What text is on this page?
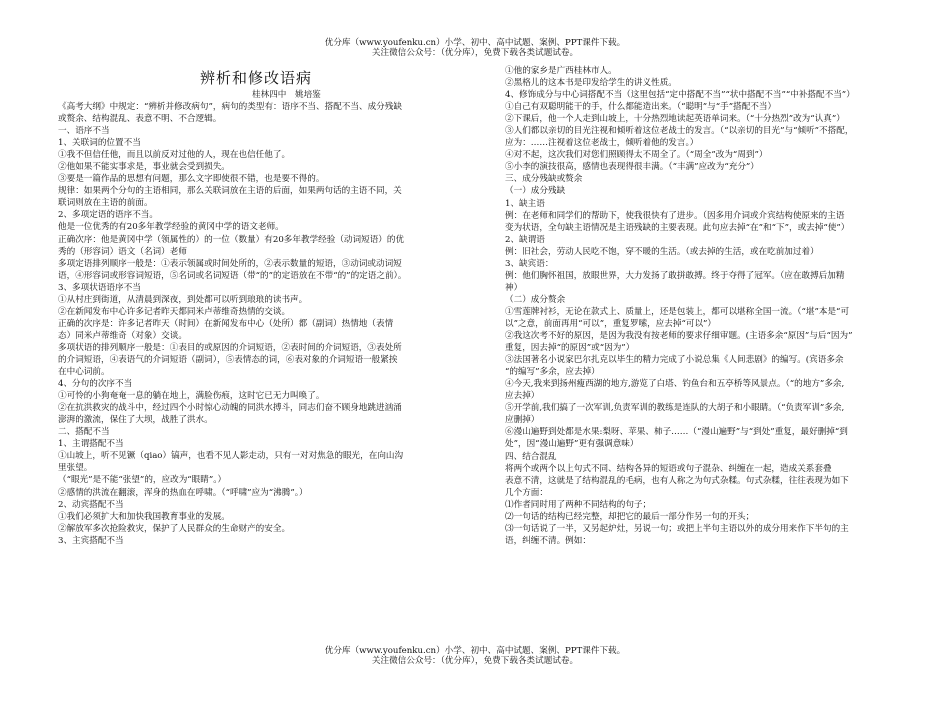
优分库（www.youfenku.cn）小学、初中、高中试题、案例、PPT课件下载。
关注微信公众号：（优分库），免费下载各类试题试卷。
辨析和修改语病
桂林四中　姚培鉴
《高考大纲》中规定：“辨析并修改病句”，病句的类型有：语序不当、搭配不当、成分残缺
或赘余、结构混乱、表意不明、不合逻辑。
一、语序不当
1、关联词的位置不当
①我不但信任他，而且以前反对过他的人，现在也信任他了。
②他如果不能实事求是，事业就会受到损失。
③要是一篇作品的思想有问题，那么文字即使很不错，也是要不得的。
规律：如果两个分句的主语相同，那么关联词放在主语的后面，如果两句话的主语不同，关
联词则放在主语的前面。
2、多项定语的语序不当。
他是一位优秀的有20多年教学经验的黄冈中学的语文老师。
正确次序：他是黄冈中学（领属性的）的一位（数量）有20多年教学经验（动词短语）的优
秀的（形容词）语文（名词）老师
多项定语排列顺序一般是：①表示领属或时间处所的，②表示数量的短语，③动词或动词短
语，④形容词或形容词短语，⑤名词或名词短语（带“的”的定语放在不带“的”的定语之前）。
3、多项状语语序不当
①从村庄到街道，从清晨到深夜，到处都可以听到琅琅的读书声。
②在新闻发布中心许多记者昨天都同米卢蒂维奇热情的交谈。
正确的次序是：许多记者昨天（时间）在新闻发布中心（处所）都（副词）热情地（表情
态）同米卢蒂维奇（对象）交谈。
多项状语的排列顺序一般是：①表目的或原因的介词短语，②表时间的介词短语，③表处所
的介词短语，④表语气的介词短语（副词），⑤表情态的词，⑥表对象的介词短语一般紧挨
在中心词前。
4、分句的次序不当
①可怜的小狗奄奄一息的躺在地上，满脸伤痕，这时它已无力叫唤了。
②在抗洪救灾的战斗中，经过四个小时惊心动魄的同洪水搏斗，同志们奋不顾身地跳进汹涌
澎湃的激流，保住了大坝，战胜了洪水。
二、搭配不当
1、主谓搭配不当
①山坡上，听不见镢（qiao）镐声，也看不见人影走动，只有一对对焦急的眼光，在向山沟
里张望。
（“眼光”是不能“张望”的，应改为“眼睛”。）
②感情的洪流在翻滚，浑身的热血在呼啸。（“呼啸”应为“沸腾”。）
2、动宾搭配不当
①我们必须扩大和加快我国教育事业的发展。
②解放军多次抢险救灾，保护了人民群众的生命财产的安全。
3、主宾搭配不当
①他的家乡是广西桂林市人。
②黑格儿的这本书是印发给学生的讲义性质。
4、修饰成分与中心词搭配不当（这里包括“定中搭配不当”“状中搭配不当”“中补搭配不当”）
①自己有双聪明能干的手，什么都能造出来。（“聪明”与“手”搭配不当）
②下课后，他一个人走到山坡上，十分热烈地读起英语单词来。（“十分热烈”改为“认真”）
③人们都以亲切的目光注视和倾听着这位老战士的发言。（“以亲切的目光”与“倾听”不搭配，
应为：……注视着这位老战士，倾听着他的发言。）
④对不起，这次我们对您们照顾得太不周全了。（“周全”改为“周到”）
⑤小李的演技很高，感情也表现得很丰满。（“丰满”应改为“充分”）
三、成分残缺或赘余
（一）成分残缺
1、缺主语
例：在老师和同学们的帮助下，使我很快有了进步。（因多用介词或介宾结构使原来的主语
变为状语，全句缺主语情况是主语残缺的主要表现。此句应去掉“在”和“下”，或去掉“使”）
2、缺谓语
例：旧社会，劳动人民吃不饱，穿不暖的生活。（或去掉的生活，或在吃前加过着）
3、缺宾语：
例：他们胸怀祖国，放眼世界，大力发扬了敢拼敢搏。终于夺得了冠军。（应在敢搏后加精
神）
（二）成分赘余
①雪莲牌衬衫，无论在款式上、质量上，还是包装上，都可以堪称全国一流。（“堪”本是“可
以”之意，前面再用“可以”，重复罗嗦，应去掉“可以”）
②我这次考不好的原因，是因为我没有按老师的要求仔细审题。(主语多余“原因”与后“因为”
重复，因去掉“的原因”或“因为”）
③法国著名小说家巴尔扎克以毕生的精力完成了小说总集《人间悲剧》的编写。(宾语多余
“的编写”多余，应去掉）
④今天,我来到扬州瘦西湖的地方,游览了白塔、钓鱼台和五亭桥等风景点。（“的地方”多余,
应去掉）
⑤开学前,我们搞了一次军训,负责军训的教练是连队的大胡子和小眼睛。（“负责军训”多余,
应删掉）
⑥漫山遍野到处都是水果:梨呀、苹果、柿子……（“漫山遍野”与“到处”重复，最好删掉“到
处”，因“漫山遍野”更有强调意味）
四、结合混乱
将两个或两个以上句式不同、结构各异的短语或句子混杂、纠缠在一起，造成关系套叠
表意不清，这就是了结构混乱的毛病，也有人称之为句式杂糅。句式杂糅，往往表现为如下
几个方面：
⑴作者同时用了两种不同结构的句子；
⑵一句话的结构已经完整，却把它的最后一部分作另一句的开头；
⑶一句话说了一半，又另起炉灶，另说一句；或把上半句主语以外的成分用来作下半句的主
语，纠缠不清。例如：
优分库（www.youfenku.cn）小学、初中、高中试题、案例、PPT课件下载。
关注微信公众号：（优分库），免费下载各类试题试卷。
